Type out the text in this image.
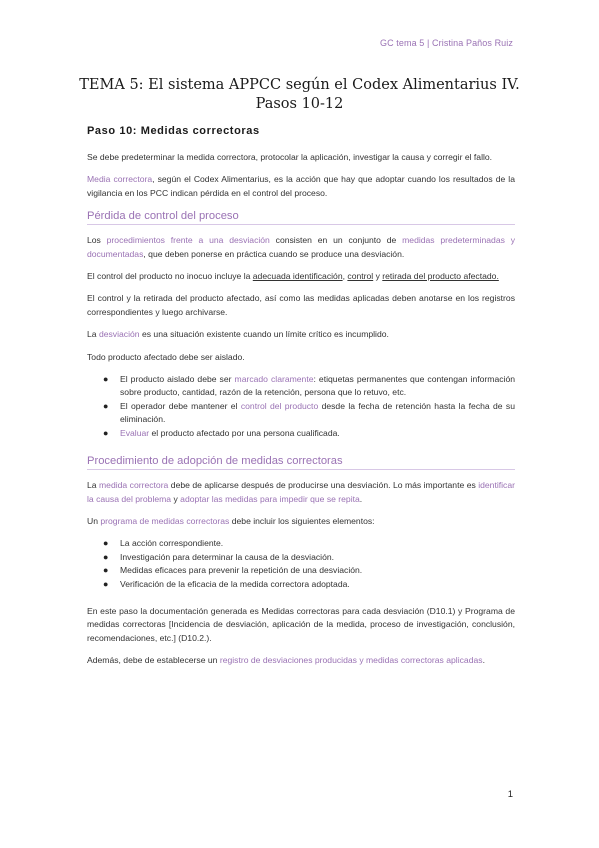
GC tema 5 | Cristina Paños Ruiz
TEMA 5: El sistema APPCC según el Codex Alimentarius IV. Pasos 10-12
Paso 10: Medidas correctoras

Se debe predeterminar la medida correctora, protocolar la aplicación, investigar la causa y corregir el fallo.

Media correctora, según el Codex Alimentarius, es la acción que hay que adoptar cuando los resultados de la vigilancia en los PCC indican pérdida en el control del proceso.

Pérdida de control del proceso

Los procedimientos frente a una desviación consisten en un conjunto de medidas predeterminadas y documentadas, que deben ponerse en práctica cuando se produce una desviación.

El control del producto no inocuo incluye la adecuada identificación, control y retirada del producto afectado.

El control y la retirada del producto afectado, así como las medidas aplicadas deben anotarse en los registros correspondientes y luego archivarse.

La desviación es una situación existente cuando un límite crítico es incumplido.

Todo producto afectado debe ser aislado.

● El producto aislado debe ser marcado claramente: etiquetas permanentes que contengan información sobre producto, cantidad, razón de la retención, persona que lo retuvo, etc.
● El operador debe mantener el control del producto desde la fecha de retención hasta la fecha de su eliminación.
● Evaluar el producto afectado por una persona cualificada.
Procedimiento de adopción de medidas correctoras

La medida correctora debe de aplicarse después de producirse una desviación. Lo más importante es identificar la causa del problema y adoptar las medidas para impedir que se repita.

Un programa de medidas correctoras debe incluir los siguientes elementos:

● La acción correspondiente.
● Investigación para determinar la causa de la desviación.
● Medidas eficaces para prevenir la repetición de una desviación.
● Verificación de la eficacia de la medida correctora adoptada.

En este paso la documentación generada es Medidas correctoras para cada desviación (D10.1) y Programa de medidas correctoras [Incidencia de desviación, aplicación de la medida, proceso de investigación, conclusión, recomendaciones, etc.] (D10.2.).

Además, debe de establecerse un registro de desviaciones producidas y medidas correctoras aplicadas.

1
